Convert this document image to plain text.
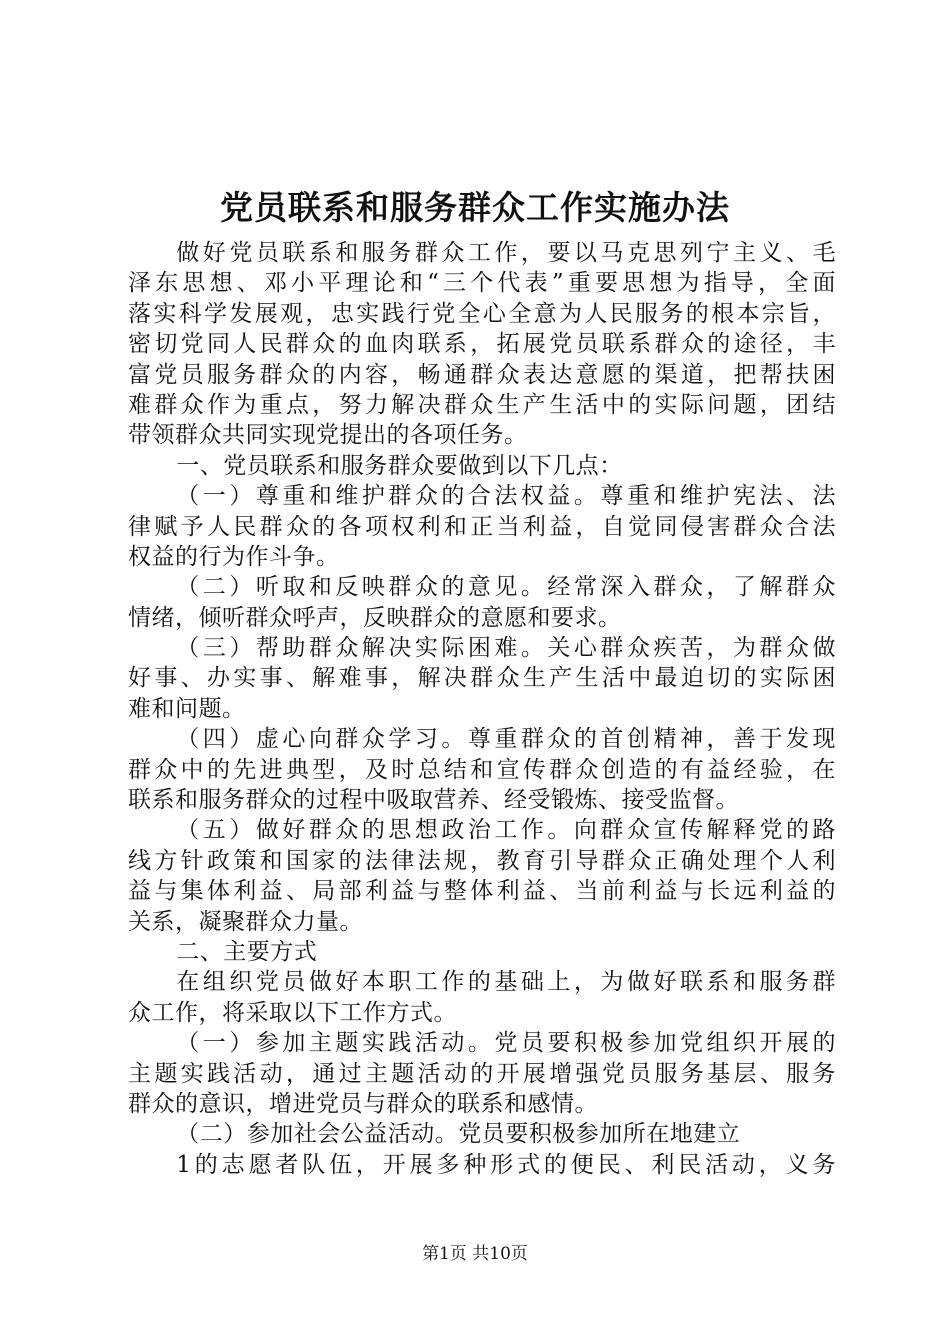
党员联系和服务群众工作实施办法
做好党员联系和服务群众工作，要以马克思列宁主义、毛
泽东思想、邓小平理论和“三个代表”重要思想为指导，全面
落实科学发展观，忠实践行党全心全意为人民服务的根本宗旨，
密切党同人民群众的血肉联系，拓展党员联系群众的途径，丰
富党员服务群众的内容，畅通群众表达意愿的渠道，把帮扶困
难群众作为重点，努力解决群众生产生活中的实际问题，团结
带领群众共同实现党提出的各项任务。
一、党员联系和服务群众要做到以下几点：
（一）尊重和维护群众的合法权益。尊重和维护宪法、法
律赋予人民群众的各项权利和正当利益，自觉同侵害群众合法
权益的行为作斗争。
（二）听取和反映群众的意见。经常深入群众，了解群众
情绪，倾听群众呼声，反映群众的意愿和要求。
（三）帮助群众解决实际困难。关心群众疾苦，为群众做
好事、办实事、解难事，解决群众生产生活中最迫切的实际困
难和问题。
（四）虚心向群众学习。尊重群众的首创精神，善于发现
群众中的先进典型，及时总结和宣传群众创造的有益经验，在
联系和服务群众的过程中吸取营养、经受锻炼、接受监督。
（五）做好群众的思想政治工作。向群众宣传解释党的路
线方针政策和国家的法律法规，教育引导群众正确处理个人利
益与集体利益、局部利益与整体利益、当前利益与长远利益的
关系，凝聚群众力量。
二、主要方式
在组织党员做好本职工作的基础上，为做好联系和服务群
众工作，将采取以下工作方式。
（一）参加主题实践活动。党员要积极参加党组织开展的
主题实践活动，通过主题活动的开展增强党员服务基层、服务
群众的意识，增进党员与群众的联系和感情。
（二）参加社会公益活动。党员要积极参加所在地建立
1的志愿者队伍，开展多种形式的便民、利民活动，义务
第1页 共10页
